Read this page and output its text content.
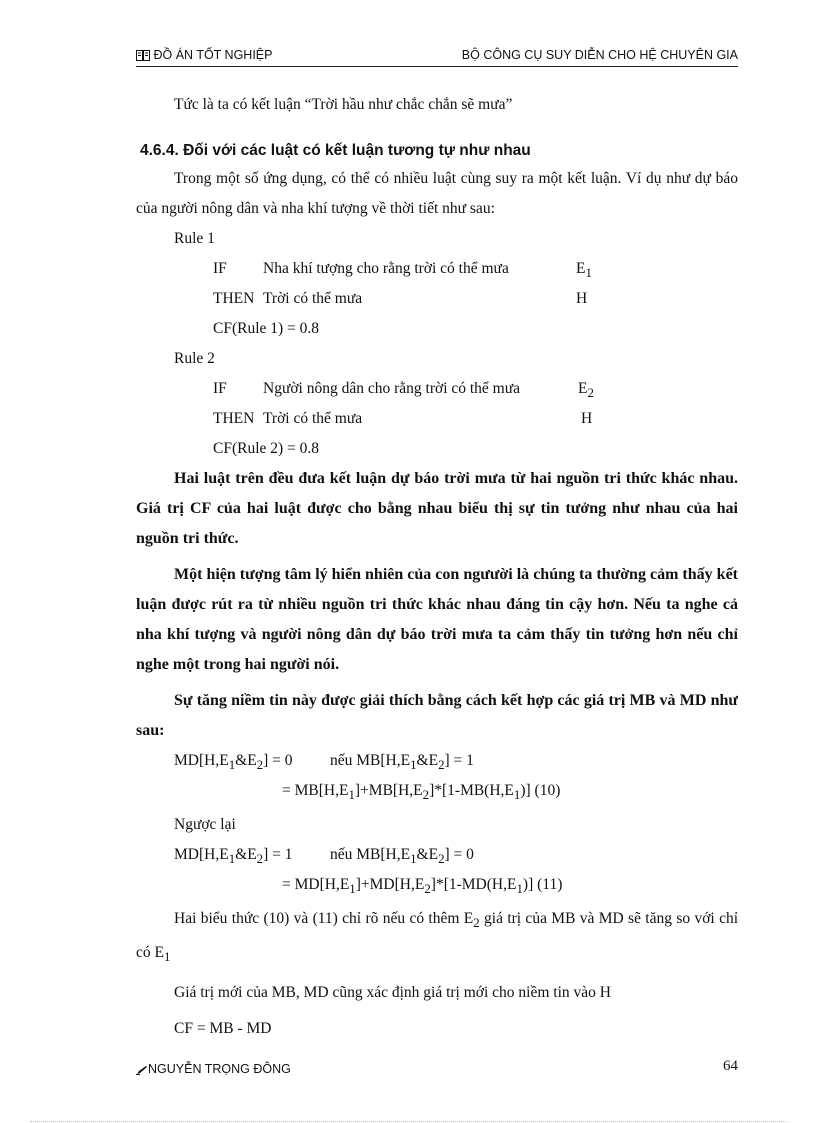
ĐỒ ÁN TỐT NGHIỆP	BỘ CÔNG CỤ SUY DIỄN CHO HỆ CHUYÊN GIA
Tức là ta có kết luận “Trời hầu như chắc chắn sẽ mưa”
4.6.4. Đối với các luật có kết luận tương tự như nhau
Trong một số ứng dụng, có thể có nhiều luật cùng suy ra một kết luận. Ví dụ như dự báo của người nông dân và nha khí tượng về thời tiết như sau:
Rule 1
IF Nha khí tượng cho rằng trời có thể mưa	$E_1$
THEN Trời có thể mưa	H
CF(Rule 1) = 0.8
Rule 2
IF Người nông dân cho rằng trời có thể mưa	$E_2$
THEN Trời có thể mưa	H
CF(Rule 2) = 0.8
Hai luật trên đều đưa kết luận dự báo trời mưa từ hai nguồn tri thức khác nhau. Giá trị CF của hai luật được cho bằng nhau biểu thị sự tin tưởng như nhau của hai nguồn tri thức.
Một hiện tượng tâm lý hiển nhiên của con ngưười là chúng ta thường cảm thấy kết luận được rút ra từ nhiều nguồn tri thức khác nhau đáng tin cậy hơn. Nếu ta nghe cả nha khí tượng và người nông dân dự báo trời mưa ta cảm thấy tin tưởng hơn nếu chỉ nghe một trong hai người nói.
Sự tăng niềm tin này được giải thích bằng cách kết hợp các giá trị MB và MD như sau:
$MD[H,E_1\&E_2] = 0$ nếu $MB[H,E_1\&E_2] = 1$
= $MB[H,E_1]+MB[H,E_2]*[1-MB(H,E_1)]$ (10)
Ngược lại
$MD[H,E_1\&E_2] = 1$ nếu $MB[H,E_1\&E_2] = 0$
= $MD[H,E_1]+MD[H,E_2]*[1-MD(H,E_1)]$ (11)
Hai biểu thức (10) và (11) chỉ rõ nếu có thêm $E_2$ giá trị của MB và MD sẽ tăng so với chỉ có $E_1$
Giá trị mới của MB, MD cũng xác định giá trị mới cho niềm tin vào H
CF = MB - MD
NGUYỄN TRỌNG ĐÔNG	64
